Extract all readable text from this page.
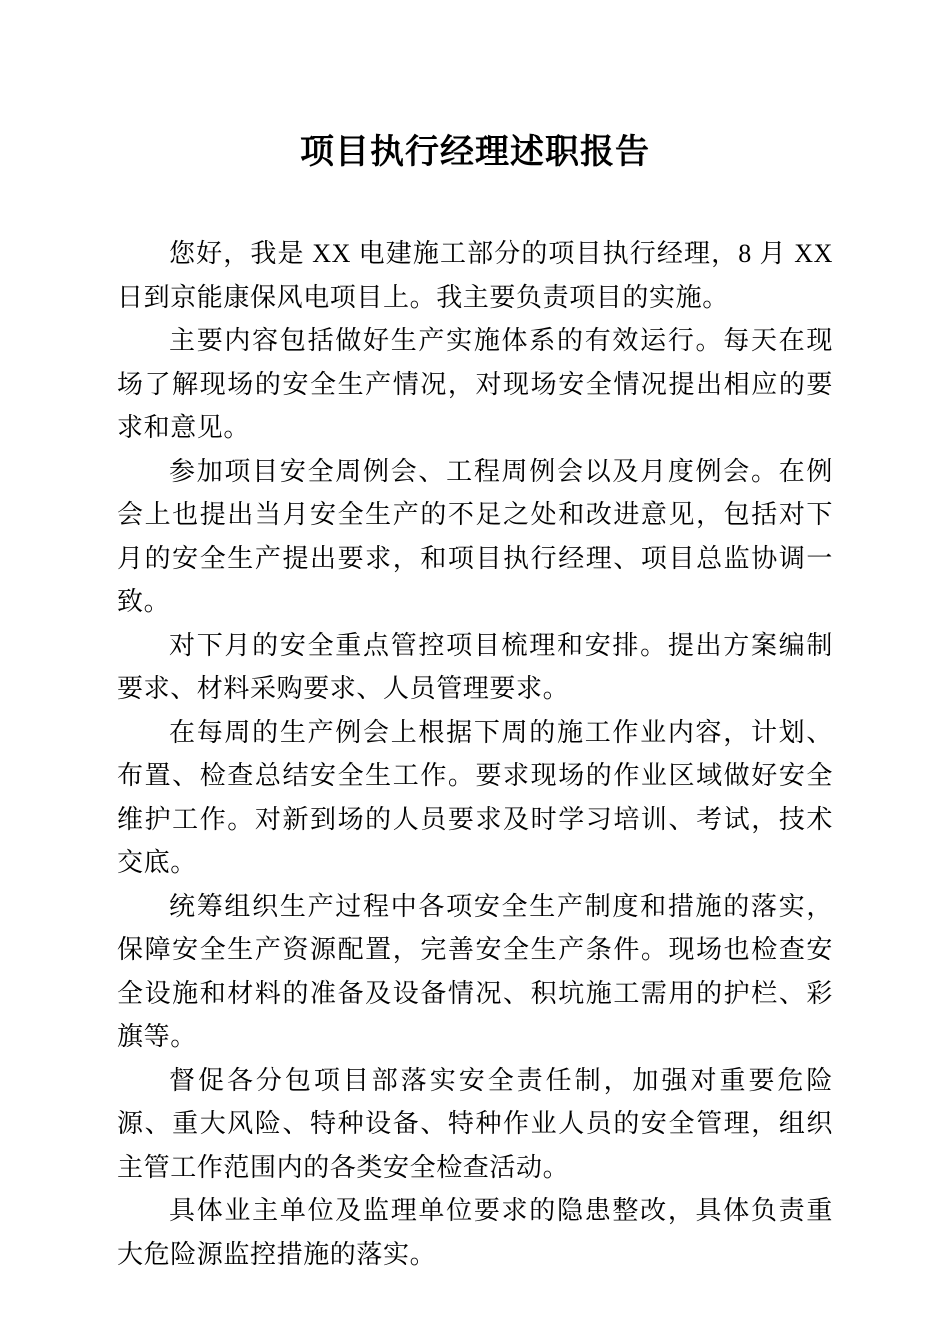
项目执行经理述职报告

您好，我是 XX 电建施工部分的项目执行经理，8 月 XX 日到京能康保风电项目上。我主要负责项目的实施。

主要内容包括做好生产实施体系的有效运行。每天在现场了解现场的安全生产情况，对现场安全情况提出相应的要求和意见。

参加项目安全周例会、工程周例会以及月度例会。在例会上也提出当月安全生产的不足之处和改进意见，包括对下月的安全生产提出要求，和项目执行经理、项目总监协调一致。

对下月的安全重点管控项目梳理和安排。提出方案编制要求、材料采购要求、人员管理要求。

在每周的生产例会上根据下周的施工作业内容，计划、布置、检查总结安全生工作。要求现场的作业区域做好安全维护工作。对新到场的人员要求及时学习培训、考试，技术交底。

统筹组织生产过程中各项安全生产制度和措施的落实，保障安全生产资源配置，完善安全生产条件。现场也检查安全设施和材料的准备及设备情况、积坑施工需用的护栏、彩旗等。

督促各分包项目部落实安全责任制，加强对重要危险源、重大风险、特种设备、特种作业人员的安全管理，组织主管工作范围内的各类安全检查活动。

具体业主单位及监理单位要求的隐患整改，具体负责重大危险源监控措施的落实。
